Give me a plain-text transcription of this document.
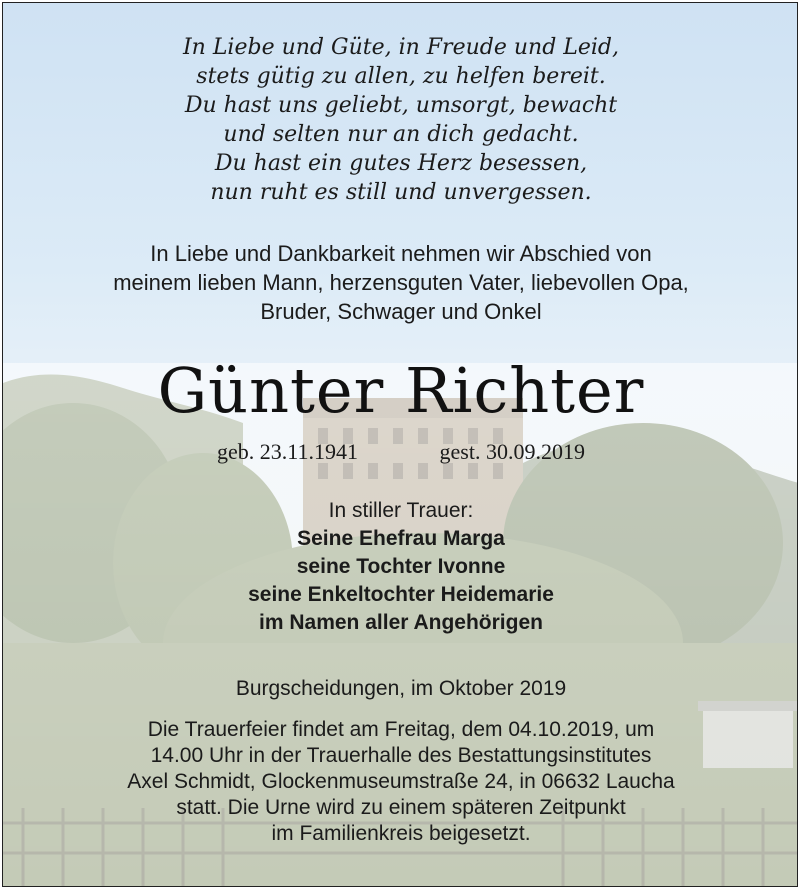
In Liebe und Güte, in Freude und Leid,
stets gütig zu allen, zu helfen bereit.
Du hast uns geliebt, umsorgt, bewacht
und selten nur an dich gedacht.
Du hast ein gutes Herz besessen,
nun ruht es still und unvergessen.
In Liebe und Dankbarkeit nehmen wir Abschied von
meinem lieben Mann, herzensguten Vater, liebevollen Opa,
Bruder, Schwager und Onkel
Günter Richter
geb. 23.11.1941	gest. 30.09.2019
In stiller Trauer:
Seine Ehefrau Marga
seine Tochter Ivonne
seine Enkeltochter Heidemarie
im Namen aller Angehörigen
Burgscheidungen, im Oktober 2019
Die Trauerfeier findet am Freitag, dem 04.10.2019, um
14.00 Uhr in der Trauerhalle des Bestattungsinstitutes
Axel Schmidt, Glockenmuseumstraße 24, in 06632 Laucha
statt. Die Urne wird zu einem späteren Zeitpunkt
im Familienkreis beigesetzt.
